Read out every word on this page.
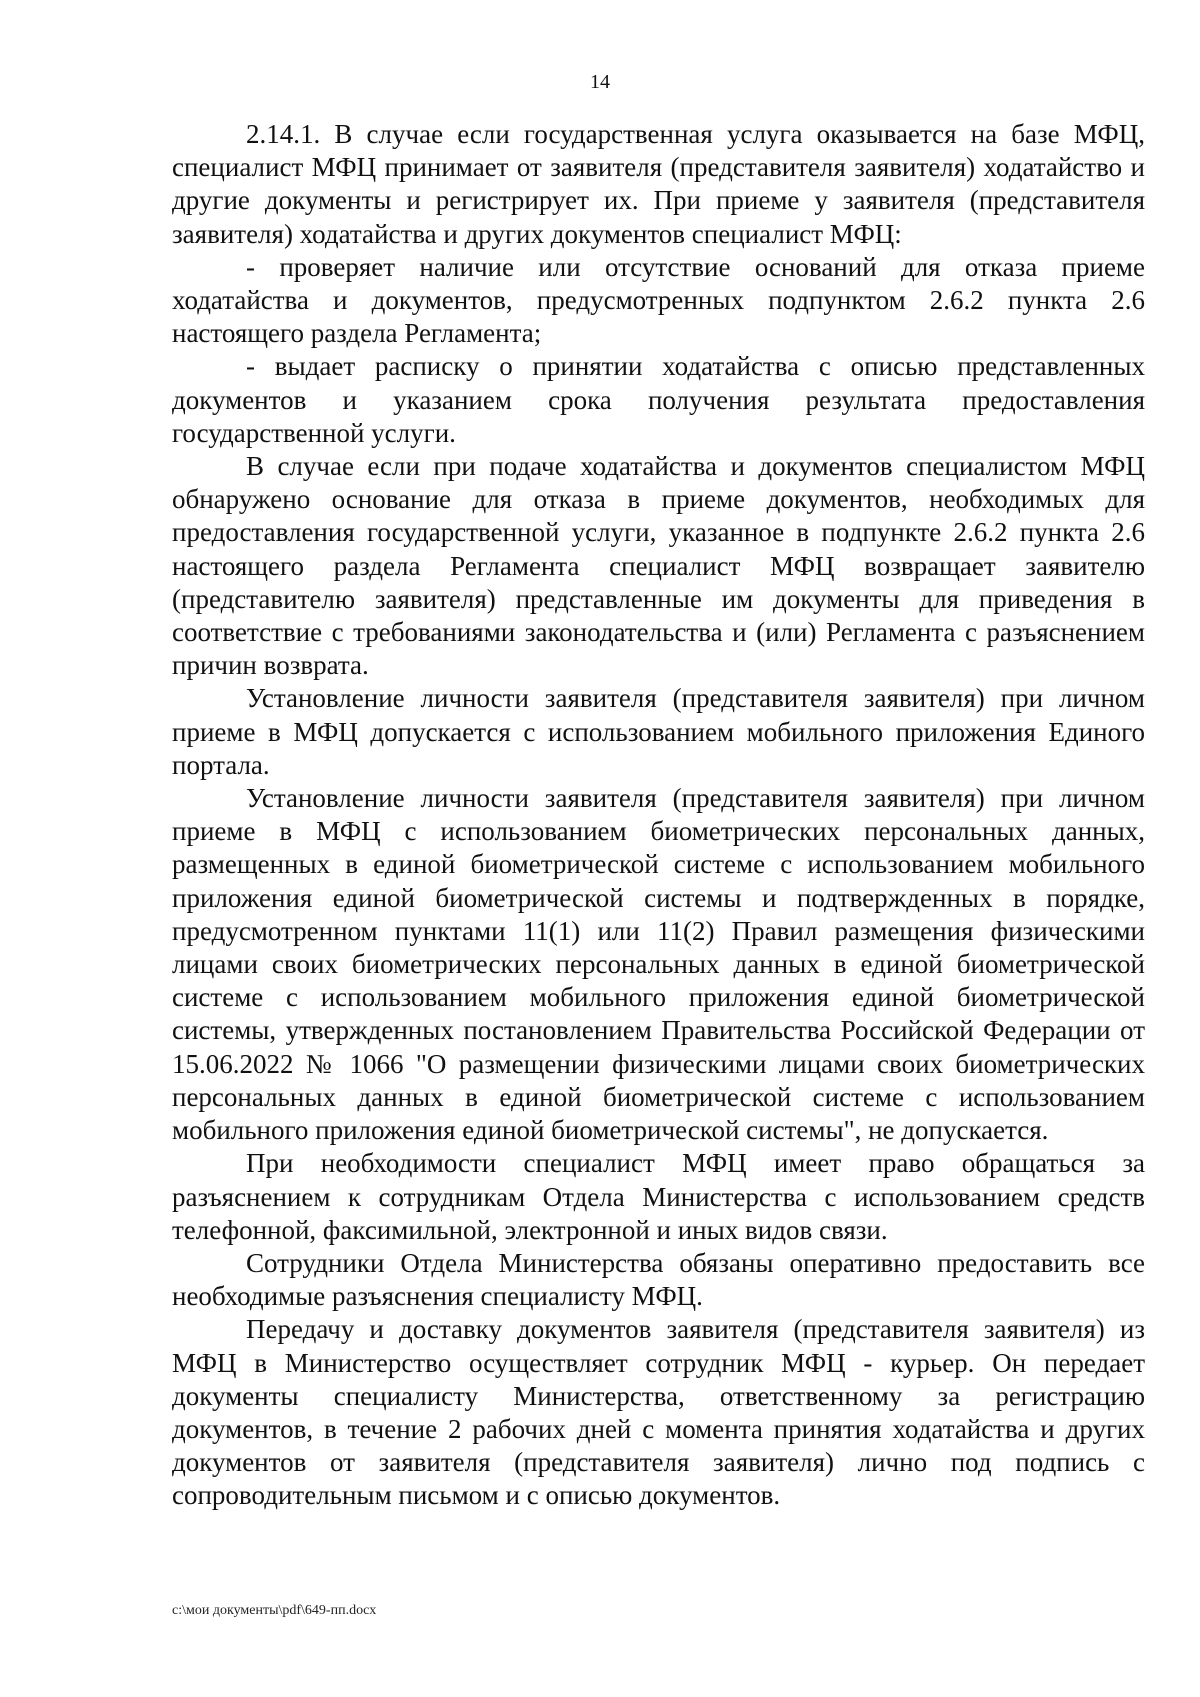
14

2.14.1. В случае если государственная услуга оказывается на базе МФЦ, специалист МФЦ принимает от заявителя (представителя заявителя) ходатайство и другие документы и регистрирует их. При приеме у заявителя (представителя заявителя) ходатайства и других документов специалист МФЦ:

- проверяет наличие или отсутствие оснований для отказа приеме ходатайства и документов, предусмотренных подпунктом 2.6.2 пункта 2.6 настоящего раздела Регламента;

- выдает расписку о принятии ходатайства с описью представленных документов и указанием срока получения результата предоставления государственной услуги.

В случае если при подаче ходатайства и документов специалистом МФЦ обнаружено основание для отказа в приеме документов, необходимых для предоставления государственной услуги, указанное в подпункте 2.6.2 пункта 2.6 настоящего раздела Регламента специалист МФЦ возвращает заявителю (представителю заявителя) представленные им документы для приведения в соответствие с требованиями законодательства и (или) Регламента с разъяснением причин возврата.

Установление личности заявителя (представителя заявителя) при личном приеме в МФЦ допускается с использованием мобильного приложения Единого портала.

Установление личности заявителя (представителя заявителя) при личном приеме в МФЦ с использованием биометрических персональных данных, размещенных в единой биометрической системе с использованием мобильного приложения единой биометрической системы и подтвержденных в порядке, предусмотренном пунктами 11(1) или 11(2) Правил размещения физическими лицами своих биометрических персональных данных в единой биометрической системе с использованием мобильного приложения единой биометрической системы, утвержденных постановлением Правительства Российской Федерации от 15.06.2022 № 1066 "О размещении физическими лицами своих биометрических персональных данных в единой биометрической системе с использованием мобильного приложения единой биометрической системы", не допускается.

При необходимости специалист МФЦ имеет право обращаться за разъяснением к сотрудникам Отдела Министерства с использованием средств телефонной, факсимильной, электронной и иных видов связи.

Сотрудники Отдела Министерства обязаны оперативно предоставить все необходимые разъяснения специалисту МФЦ.

Передачу и доставку документов заявителя (представителя заявителя) из МФЦ в Министерство осуществляет сотрудник МФЦ - курьер. Он передает документы специалисту Министерства, ответственному за регистрацию документов, в течение 2 рабочих дней с момента принятия ходатайства и других документов от заявителя (представителя заявителя) лично под подпись с сопроводительным письмом и с описью документов.

c:\мои документы\pdf\649-пп.docx
